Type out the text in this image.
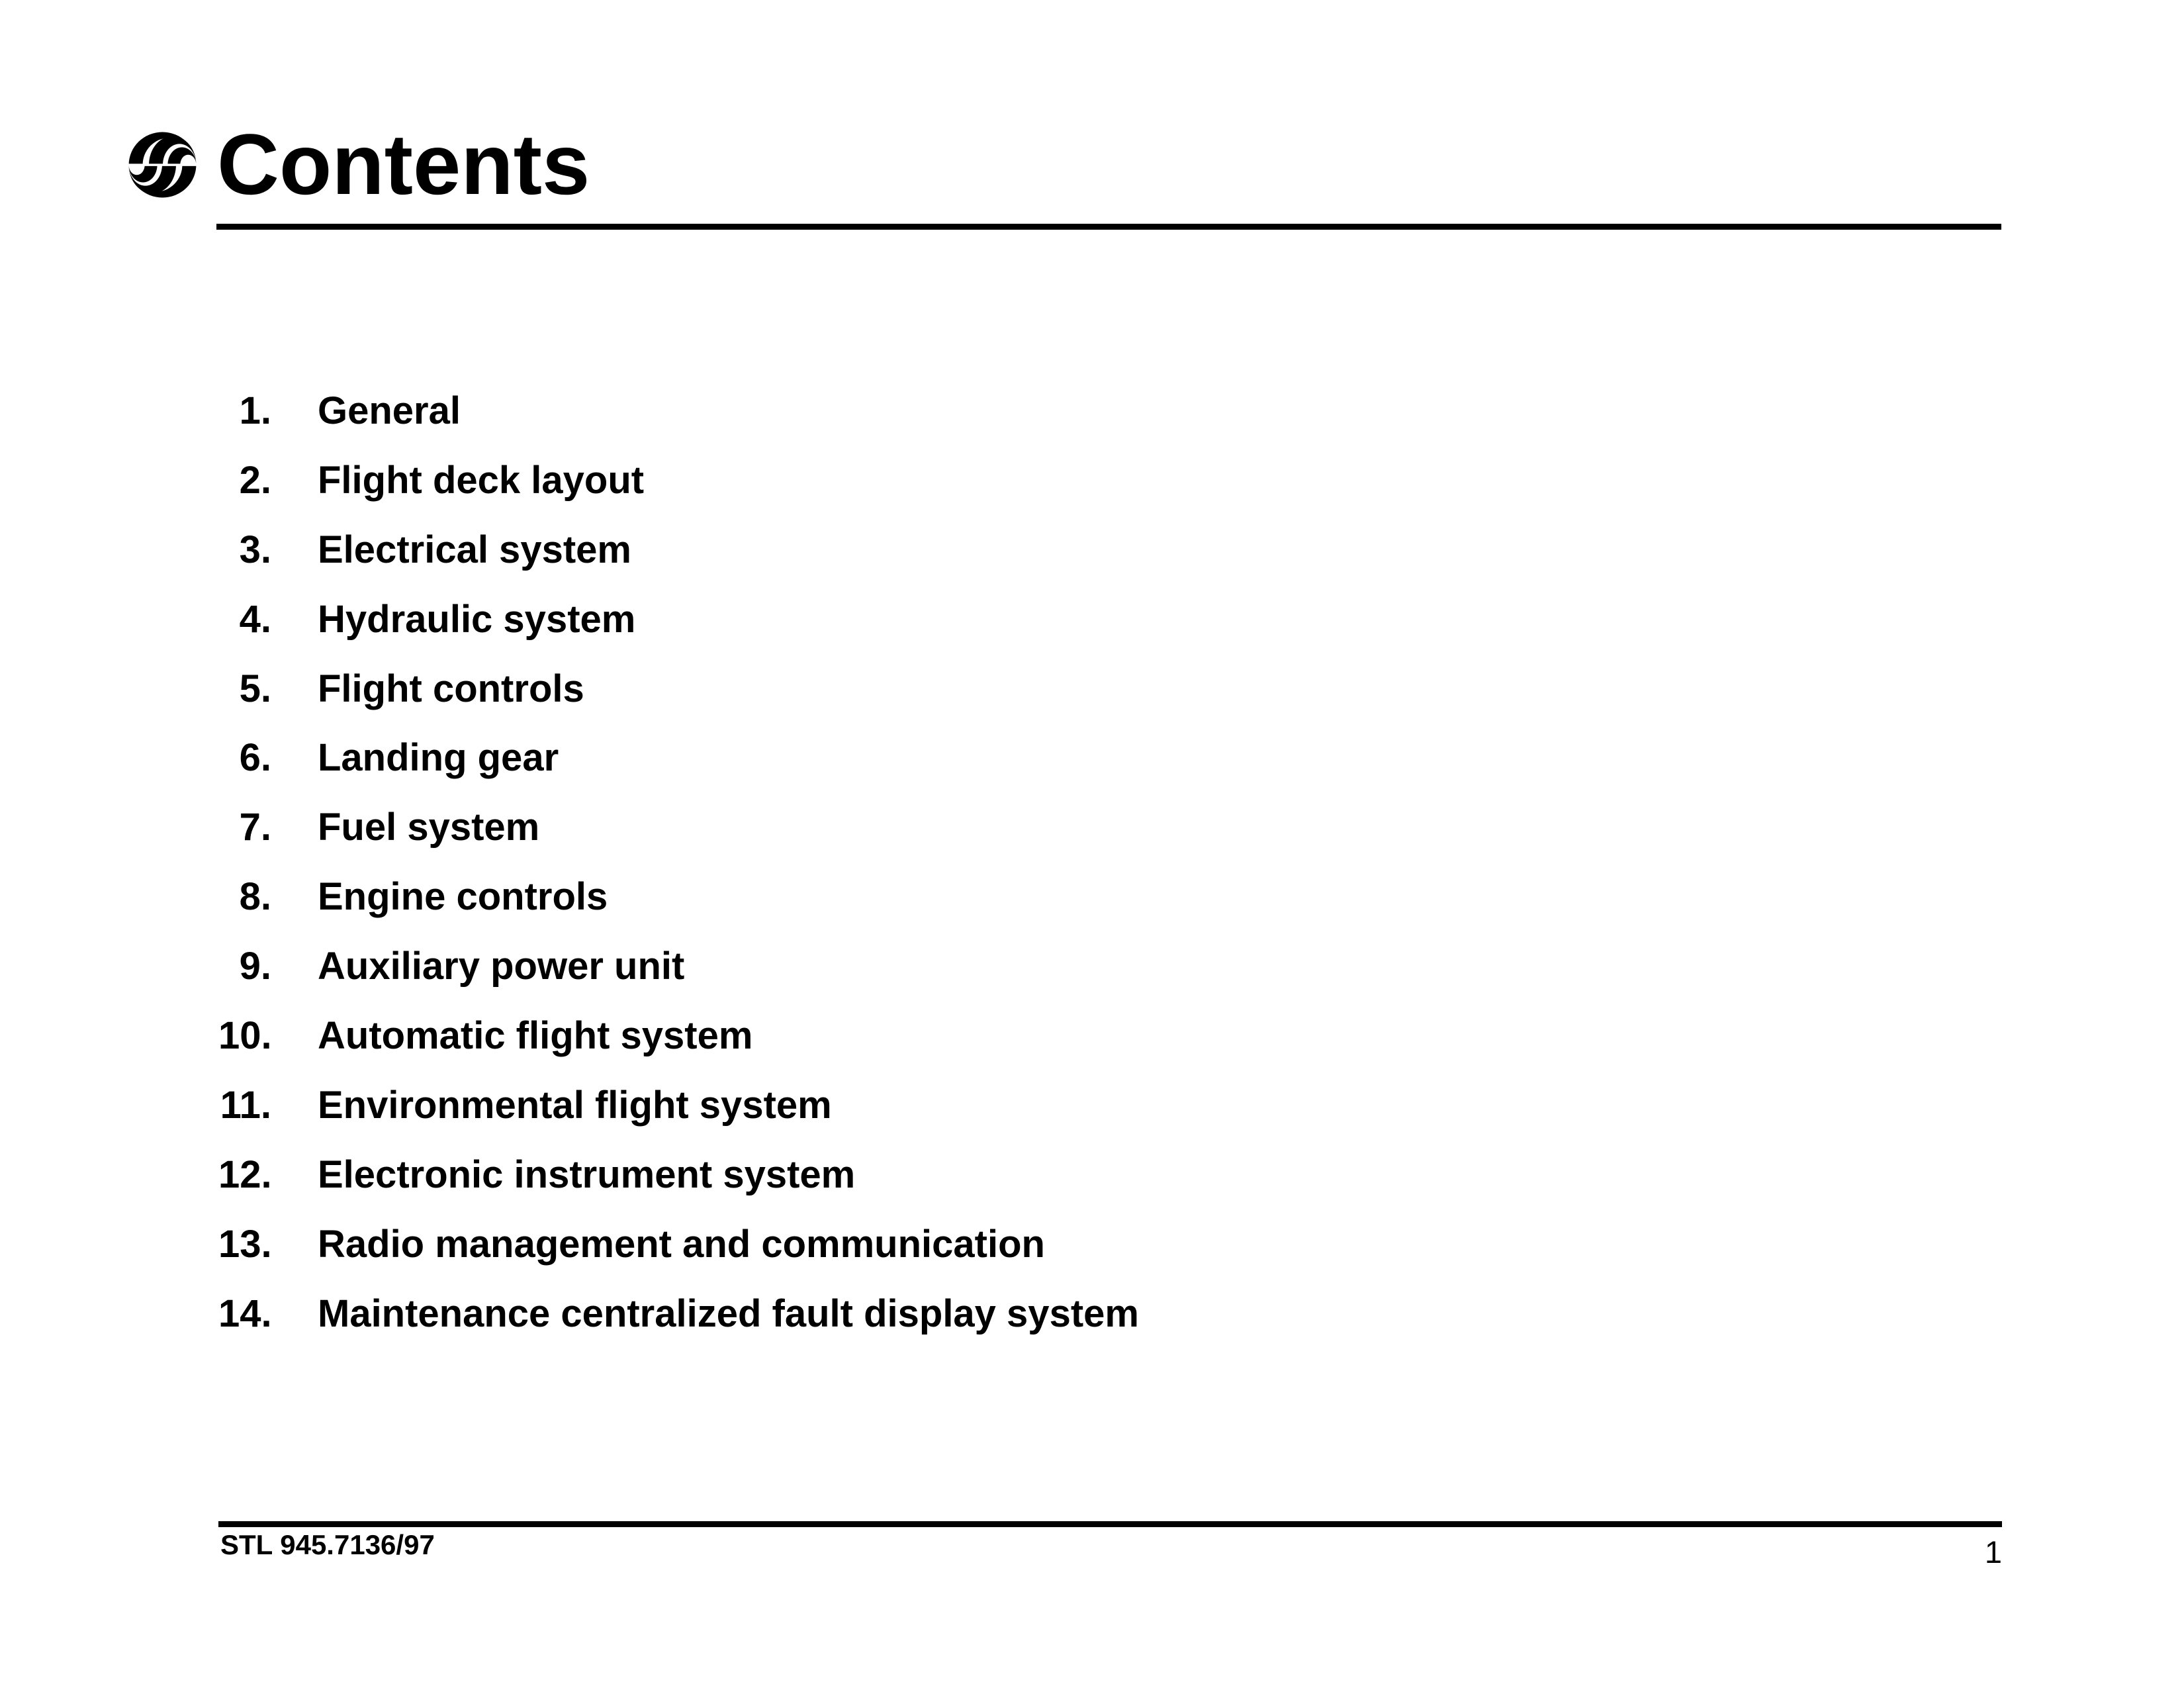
Contents
1. General
2. Flight deck layout
3. Electrical system
4. Hydraulic system
5. Flight controls
6. Landing gear
7. Fuel system
8. Engine controls
9. Auxiliary power unit
10. Automatic flight system
11. Environmental flight system
12. Electronic instrument system
13. Radio management and communication
14. Maintenance centralized fault display system
STL 945.7136/97	1
